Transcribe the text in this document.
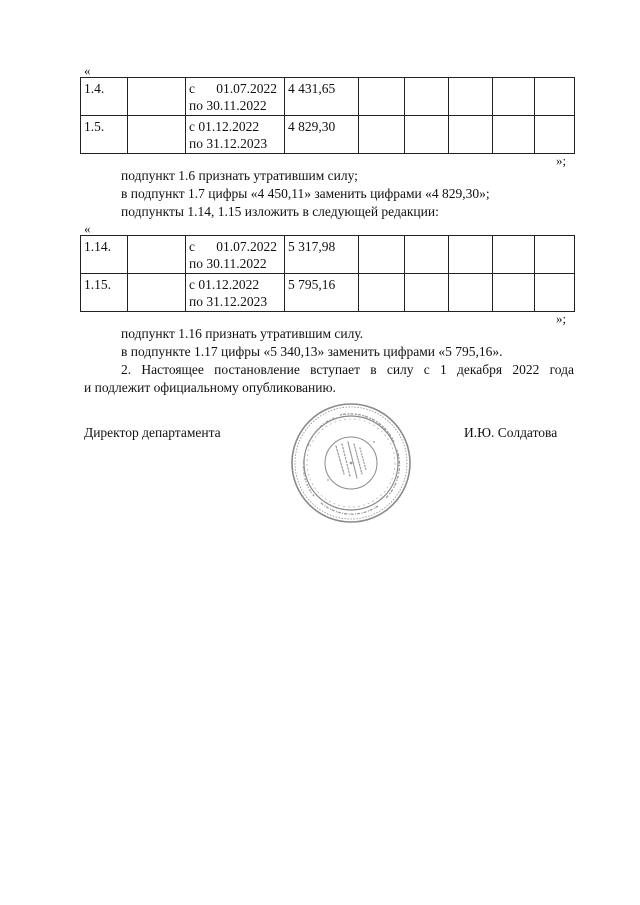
«
1.4.		с 01.07.2022
по 30.11.2022	4 431,65					
1.5.		с 01.12.2022
по 31.12.2023	4 829,30					
»;
подпункт 1.6 признать утратившим силу;
в подпункт 1.7 цифры «4 450,11» заменить цифрами «4 829,30»;
подпункты 1.14, 1.15 изложить в следующей редакции:
«
1.14.		с 01.07.2022
по 30.11.2022	5 317,98					
1.15.		с 01.12.2022
по 31.12.2023	5 795,16					
»;
подпункт 1.16 признать утратившим силу.
в подпункте 1.17 цифры «5 340,13» заменить цифрами «5 795,16».
2. Настоящее постановление вступает в силу с 1 декабря 2022 года
и подлежит официальному опубликованию.
Директор департамента	И.Ю. Солдатова
